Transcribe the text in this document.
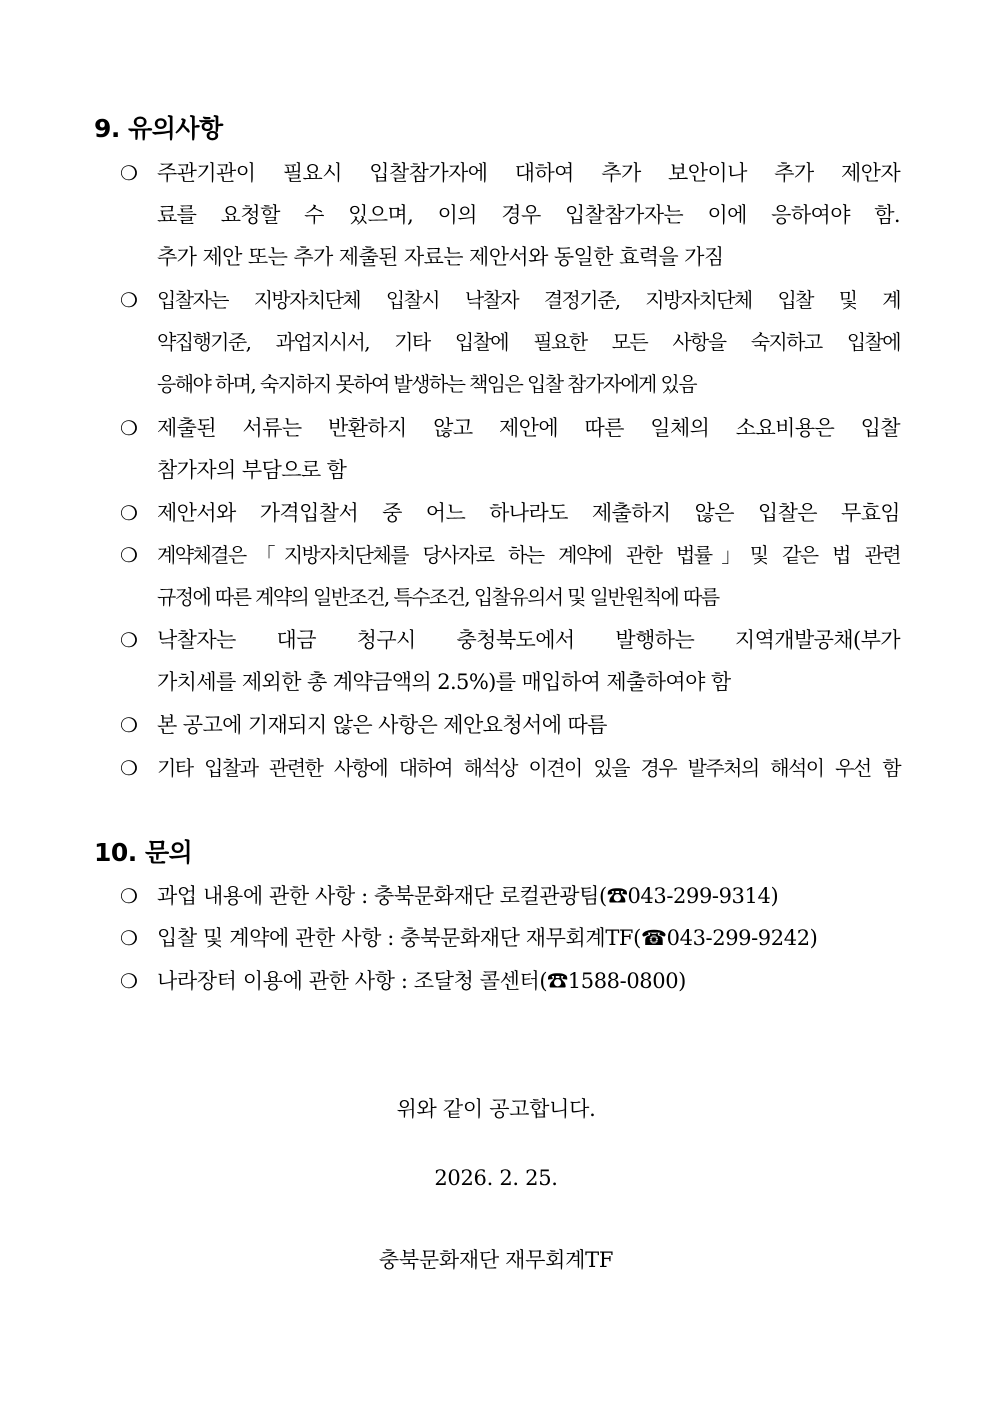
9. 유의사항
❍ 주관기관이 필요시 입찰참가자에 대하여 추가 보안이나 추가 제안자
료를 요청할 수 있으며, 이의 경우 입찰참가자는 이에 응하여야 함.
추가 제안 또는 추가 제출된 자료는 제안서와 동일한 효력을 가짐
❍ 입찰자는 지방자치단체 입찰시 낙찰자 결정기준, 지방자치단체 입찰 및 계
약집행기준, 과업지시서, 기타 입찰에 필요한 모든 사항을 숙지하고 입찰에
응해야 하며, 숙지하지 못하여 발생하는 책임은 입찰 참가자에게 있음
❍ 제출된 서류는 반환하지 않고 제안에 따른 일체의 소요비용은 입찰
참가자의 부담으로 함
❍ 제안서와 가격입찰서 중 어느 하나라도 제출하지 않은 입찰은 무효임
❍ 계약체결은「지방자치단체를 당사자로 하는 계약에 관한 법률」및 같은 법 관련
규정에 따른 계약의 일반조건, 특수조건, 입찰유의서 및 일반원칙에 따름
❍ 낙찰자는 대금 청구시 충청북도에서 발행하는 지역개발공채(부가
가치세를 제외한 총 계약금액의 2.5%)를 매입하여 제출하여야 함
❍ 본 공고에 기재되지 않은 사항은 제안요청서에 따름
❍ 기타 입찰과 관련한 사항에 대하여 해석상 이견이 있을 경우 발주처의 해석이 우선 함
10. 문의
❍ 과업 내용에 관한 사항 : 충북문화재단 로컬관광팀(☎043-299-9314)
❍ 입찰 및 계약에 관한 사항 : 충북문화재단 재무회계TF(☎043-299-9242)
❍ 나라장터 이용에 관한 사항 : 조달청 콜센터(☎1588-0800)
위와 같이 공고합니다.
2026. 2. 25.
충북문화재단 재무회계TF
